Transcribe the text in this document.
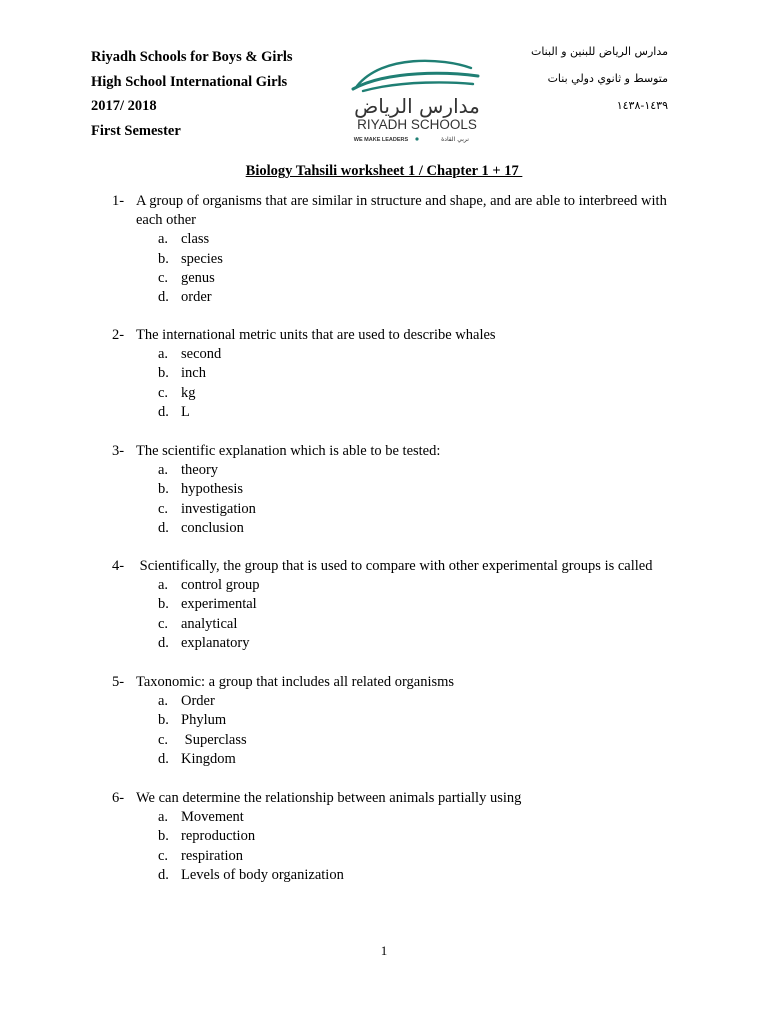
Riyadh Schools for Boys & Girls
High School International Girls
2017/ 2018
First Semester
مدارس الرياض
RIYADH SCHOOLS
WE MAKE LEADERS	نربي القادة
مدارس الرياض للبنين و البنات
متوسط و ثانوي دولي بنات
١٤٣٩-١٤٣٨
Biology Tahsili worksheet 1 / Chapter 1 + 17
1- A group of organisms that are similar in structure and shape, and are able to interbreed with each other
a. class
b. species
c. genus
d. order
2- The international metric units that are used to describe whales
a. second
b. inch
c. kg
d. L
3- The scientific explanation which is able to be tested:
a. theory
b. hypothesis
c. investigation
d. conclusion
4- Scientifically, the group that is used to compare with other experimental groups is called
a. control group
b. experimental
c. analytical
d. explanatory
5- Taxonomic: a group that includes all related organisms
a. Order
b. Phylum
c. Superclass
d. Kingdom
6- We can determine the relationship between animals partially using
a. Movement
b. reproduction
c. respiration
d. Levels of body organization
1
